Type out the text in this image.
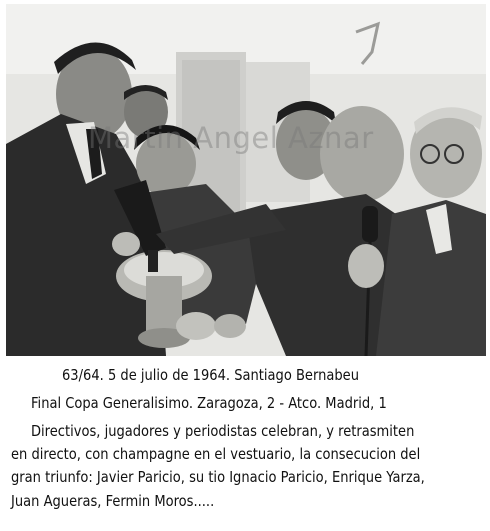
Martin Angel Aznar
63/64. 5 de julio de 1964. Santiago Bernabeu
Final Copa Generalisimo. Zaragoza, 2 - Atco. Madrid, 1
Directivos, jugadores y periodistas celebran, y retrasmiten
en directo, con champagne en el vestuario, la consecucion del
gran triunfo: Javier Paricio, su tio Ignacio Paricio, Enrique Yarza,
Juan Agueras, Fermin Moros.....
